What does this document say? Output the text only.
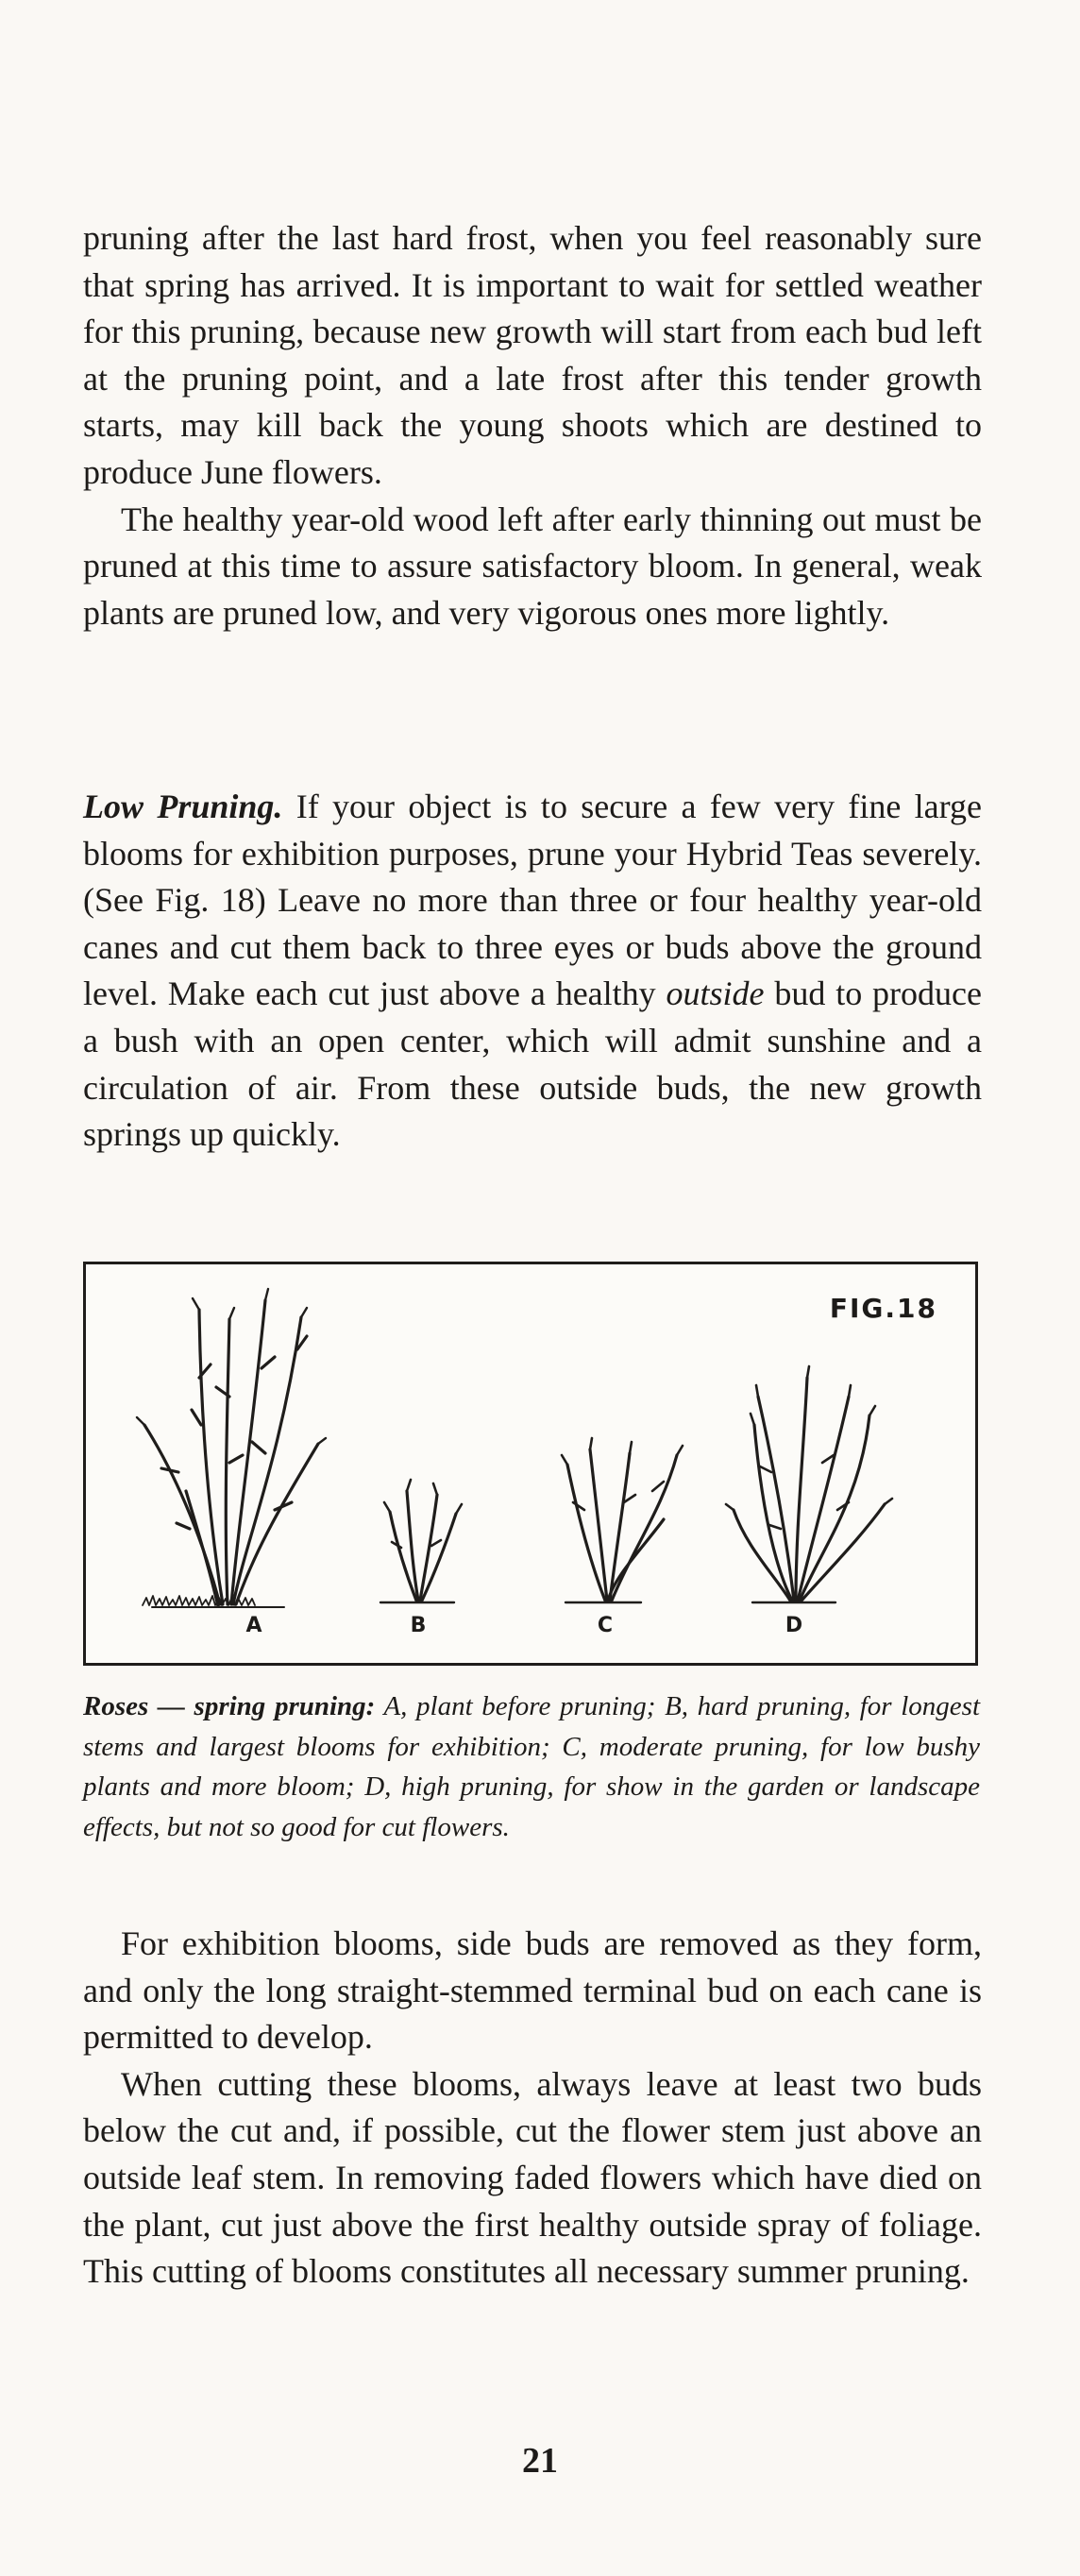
pruning after the last hard frost, when you feel reasonably sure that spring has arrived. It is important to wait for settled weather for this pruning, because new growth will start from each bud left at the pruning point, and a late frost after this tender growth starts, may kill back the young shoots which are destined to produce June flowers.

The healthy year-old wood left after early thinning out must be pruned at this time to assure satisfactory bloom. In general, weak plants are pruned low, and very vigorous ones more lightly.

Low Pruning. If your object is to secure a few very fine large blooms for exhibition purposes, prune your Hybrid Teas severely. (See Fig. 18) Leave no more than three or four healthy year-old canes and cut them back to three eyes or buds above the ground level. Make each cut just above a healthy outside bud to produce a bush with an open center, which will admit sunshine and a circulation of air. From these outside buds, the new growth springs up quickly.

FIG.18
A	B	C	D
Roses — spring pruning: A, plant before pruning; B, hard pruning, for longest stems and largest blooms for exhibition; C, moderate pruning, for low bushy plants and more bloom; D, high pruning, for show in the garden or landscape effects, but not so good for cut flowers.

For exhibition blooms, side buds are removed as they form, and only the long straight-stemmed terminal bud on each cane is permitted to develop.

When cutting these blooms, always leave at least two buds below the cut and, if possible, cut the flower stem just above an outside leaf stem. In removing faded flowers which have died on the plant, cut just above the first healthy outside spray of foliage. This cutting of blooms constitutes all necessary summer pruning.

21
